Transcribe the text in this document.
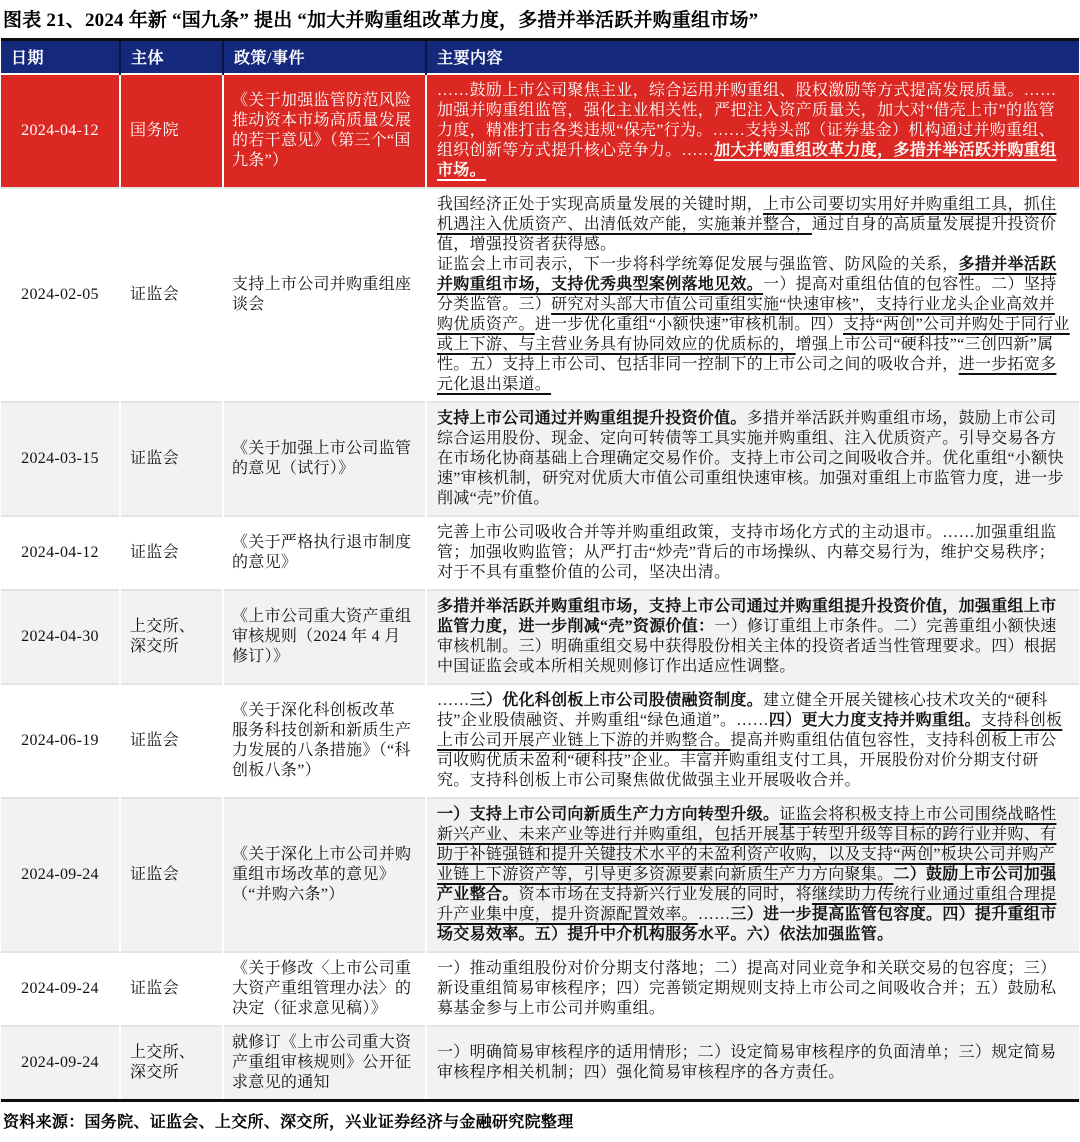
图表 21、2024 年新 “国九条” 提出 “加大并购重组改革力度，多措并举活跃并购重组市场”
日期	主体	政策/事件	主要内容
2024-04-12	国务院	《关于加强监管防范风险 推动资本市场高质量发展的若干意见》（第三个“国九条”）	……鼓励上市公司聚焦主业，综合运用并购重组、股权激励等方式提高发展质量。……加强并购重组监管，强化主业相关性，严把注入资产质量关，加大对“借壳上市”的监管力度，精准打击各类违规“保壳”行为。……支持头部（证券基金）机构通过并购重组、组织创新等方式提升核心竞争力。……加大并购重组改革力度，多措并举活跃并购重组市场。

2024-02-05	证监会	支持上市公司并购重组座谈会	我国经济正处于实现高质量发展的关键时期，上市公司要切实用好并购重组工具，抓住机遇注入优质资产、出清低效产能，实施兼并整合，通过自身的高质量发展提升投资价值，增强投资者获得感。
证监会上市司表示，下一步将科学统筹促发展与强监管、防风险的关系，多措并举活跃并购重组市场，支持优秀典型案例落地见效。一）提高对重组估值的包容性。二）坚持分类监管。三）研究对头部大市值公司重组实施“快速审核”，支持行业龙头企业高效并购优质资产。进一步优化重组“小额快速”审核机制。四）支持“两创”公司并购处于同行业或上下游、与主营业务具有协同效应的优质标的，增强上市公司“硬科技”“三创四新”属性。五）支持上市公司、包括非同一控制下的上市公司之间的吸收合并，进一步拓宽多元化退出渠道。

2024-03-15	证监会	《关于加强上市公司监管的意见（试行）》	支持上市公司通过并购重组提升投资价值。多措并举活跃并购重组市场，鼓励上市公司综合运用股份、现金、定向可转债等工具实施并购重组、注入优质资产。引导交易各方在市场化协商基础上合理确定交易作价。支持上市公司之间吸收合并。优化重组“小额快速”审核机制，研究对优质大市值公司重组快速审核。加强对重组上市监管力度，进一步削减“壳”价值。

2024-04-12	证监会	《关于严格执行退市制度的意见》	完善上市公司吸收合并等并购重组政策，支持市场化方式的主动退市。……加强重组监管；加强收购监管；从严打击“炒壳”背后的市场操纵、内幕交易行为，维护交易秩序；对于不具有重整价值的公司，坚决出清。

2024-04-30	上交所、深交所	《上市公司重大资产重组审核规则（2024 年 4 月修订）》	多措并举活跃并购重组市场，支持上市公司通过并购重组提升投资价值，加强重组上市监管力度，进一步削减“壳”资源价值：一）修订重组上市条件。二）完善重组小额快速审核机制。三）明确重组交易中获得股份相关主体的投资者适当性管理要求。四）根据中国证监会或本所相关规则修订作出适应性调整。

2024-06-19	证监会	《关于深化科创板改革 服务科技创新和新质生产力发展的八条措施》（“科创板八条”）	……三）优化科创板上市公司股债融资制度。建立健全开展关键核心技术攻关的“硬科技”企业股债融资、并购重组“绿色通道”。……四）更大力度支持并购重组。支持科创板上市公司开展产业链上下游的并购整合。提高并购重组估值包容性，支持科创板上市公司收购优质未盈利“硬科技”企业。丰富并购重组支付工具，开展股份对价分期支付研究。支持科创板上市公司聚焦做优做强主业开展吸收合并。

2024-09-24	证监会	《关于深化上市公司并购重组市场改革的意见》（“并购六条”）	一）支持上市公司向新质生产力方向转型升级。证监会将积极支持上市公司围绕战略性新兴产业、未来产业等进行并购重组，包括开展基于转型升级等目标的跨行业并购、有助于补链强链和提升关键技术水平的未盈利资产收购，以及支持“两创”板块公司并购产业链上下游资产等，引导更多资源要素向新质生产力方向聚集。二）鼓励上市公司加强产业整合。资本市场在支持新兴行业发展的同时，将继续助力传统行业通过重组合理提升产业集中度，提升资源配置效率。……三）进一步提高监管包容度。四）提升重组市场交易效率。五）提升中介机构服务水平。六）依法加强监管。

2024-09-24	证监会	《关于修改〈上市公司重大资产重组管理办法〉的决定（征求意见稿）》	一）推动重组股份对价分期支付落地；二）提高对同业竞争和关联交易的包容度；三）新设重组简易审核程序；四）完善锁定期规则支持上市公司之间吸收合并；五）鼓励私募基金参与上市公司并购重组。

2024-09-24	上交所、深交所	就修订《上市公司重大资产重组审核规则》公开征求意见的通知	一）明确简易审核程序的适用情形；二）设定简易审核程序的负面清单；三）规定简易审核程序相关机制；四）强化简易审核程序的各方责任。
资料来源：国务院、证监会、上交所、深交所，兴业证券经济与金融研究院整理
